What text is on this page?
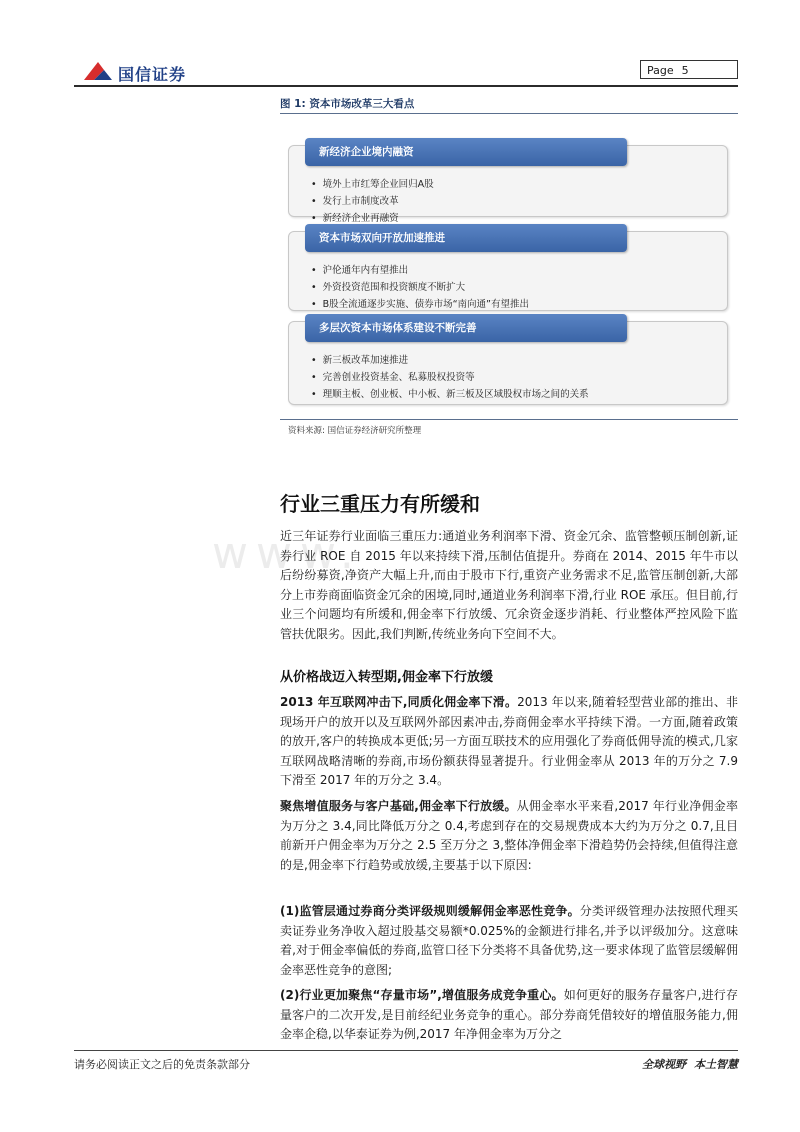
国信证券	Page 5
图 1: 资本市场改革三大看点
新经济企业境内融资
• 境外上市红筹企业回归A股
• 发行上市制度改革
• 新经济企业再融资
资本市场双向开放加速推进
• 沪伦通年内有望推出
• 外资投资范围和投资额度不断扩大
• B股全流通逐步实施、债券市场“南向通”有望推出
多层次资本市场体系建设不断完善
• 新三板改革加速推进
• 完善创业投资基金、私募股权投资等
• 理顺主板、创业板、中小板、新三板及区域股权市场之间的关系
资料来源: 国信证券经济研究所整理
www.
行业三重压力有所缓和
近三年证券行业面临三重压力:通道业务利润率下滑、资金冗余、监管整顿压制创新,证券行业 ROE 自 2015 年以来持续下滑,压制估值提升。券商在 2014、2015 年牛市以后纷纷募资,净资产大幅上升,而由于股市下行,重资产业务需求不足,监管压制创新,大部分上市券商面临资金冗余的困境,同时,通道业务利润率下滑,行业 ROE 承压。但目前,行业三个问题均有所缓和,佣金率下行放缓、冗余资金逐步消耗、行业整体严控风险下监管扶优限劣。因此,我们判断,传统业务向下空间不大。
从价格战迈入转型期,佣金率下行放缓
2013 年互联网冲击下,同质化佣金率下滑。2013 年以来,随着轻型营业部的推出、非现场开户的放开以及互联网外部因素冲击,券商佣金率水平持续下滑。一方面,随着政策的放开,客户的转换成本更低;另一方面互联技术的应用强化了券商低佣导流的模式,几家互联网战略清晰的券商,市场份额获得显著提升。行业佣金率从 2013 年的万分之 7.9 下滑至 2017 年的万分之 3.4。
聚焦增值服务与客户基础,佣金率下行放缓。从佣金率水平来看,2017 年行业净佣金率为万分之 3.4,同比降低万分之 0.4,考虑到存在的交易规费成本大约为万分之 0.7,且目前新开户佣金率为万分之 2.5 至万分之 3,整体净佣金率下滑趋势仍会持续,但值得注意的是,佣金率下行趋势或放缓,主要基于以下原因:
(1)监管层通过券商分类评级规则缓解佣金率恶性竞争。分类评级管理办法按照代理买卖证券业务净收入超过股基交易额*0.025%的金额进行排名,并予以评级加分。这意味着,对于佣金率偏低的券商,监管口径下分类将不具备优势,这一要求体现了监管层缓解佣金率恶性竞争的意图;
(2)行业更加聚焦“存量市场”,增值服务成竞争重心。如何更好的服务存量客户,进行存量客户的二次开发,是目前经纪业务竞争的重心。部分券商凭借较好的增值服务能力,佣金率企稳,以华泰证券为例,2017 年净佣金率为万分之
请务必阅读正文之后的免责条款部分	全球视野 本土智慧
